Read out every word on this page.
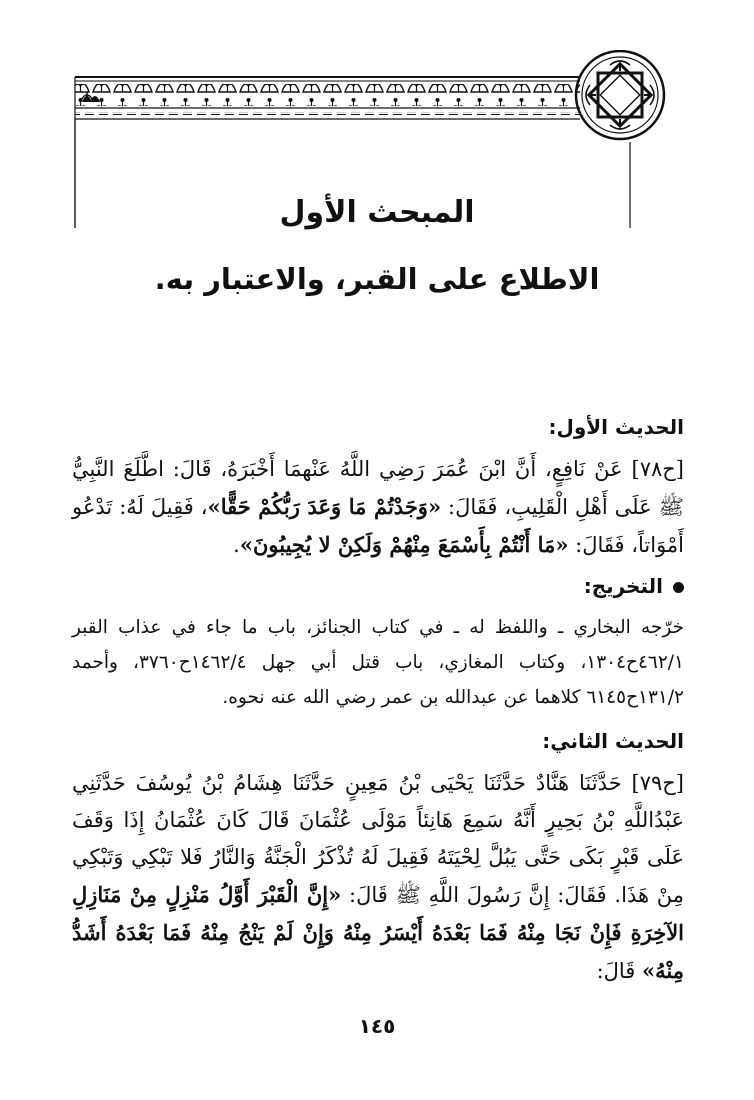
المبحث الأول
الاطلاع على القبر، والاعتبار به.
الحديث الأول:

[ح٧٨] عَنْ نَافِعٍ، أَنَّ ابْنَ عُمَرَ رَضِي اللَّهُ عَنْهمَا أَخْبَرَهُ، قَالَ: اطَّلَعَ النَّبِيُّ ﷺ عَلَى أَهْلِ الْقَلِيبِ، فَقَالَ: «وَجَدْتُمْ مَا وَعَدَ رَبُّكُمْ حَقًّا»، فَقِيلَ لَهُ: تَدْعُو أَمْوَاتاً، فَقَالَ: «مَا أَنْتُمْ بِأَسْمَعَ مِنْهُمْ وَلَكِنْ لا يُجِيبُونَ».

التخريج:

خرّجه البخاري ـ واللفظ له ـ في كتاب الجنائز، باب ما جاء في عذاب القبر ٤٦٢/١ح١٣٠٤، وكتاب المغازي، باب قتل أبي جهل ١٤٦٢/٤ح٣٧٦٠، وأحمد ١٣١/٢ح٦١٤٥ كلاهما عن عبدالله بن عمر رضي الله عنه نحوه.

الحديث الثاني:

[ح٧٩] حَدَّثَنَا هَنَّادٌ حَدَّثَنَا يَحْيَى بْنُ مَعِينٍ حَدَّثَنَا هِشَامُ بْنُ يُوسُفَ حَدَّثَنِي عَبْدُاللَّهِ بْنُ بَحِيرٍ أَنَّهُ سَمِعَ هَانِئاً مَوْلَى عُثْمَانَ قَالَ كَانَ عُثْمَانُ إِذَا وَقَفَ عَلَى قَبْرٍ بَكَى حَتَّى يَبُلَّ لِحْيَتَهُ فَقِيلَ لَهُ تُذْكَرُ الْجَنَّةُ وَالنَّارُ فَلا تَبْكِي وَتَبْكِي مِنْ هَذَا. فَقَالَ: إِنَّ رَسُولَ اللَّهِ ﷺ قَالَ: «إِنَّ الْقَبْرَ أَوَّلُ مَنْزِلٍ مِنْ مَنَازِلِ الآخِرَةِ فَإِنْ نَجَا مِنْهُ فَمَا بَعْدَهُ أَيْسَرُ مِنْهُ وَإِنْ لَمْ يَنْجُ مِنْهُ فَمَا بَعْدَهُ أَشَدُّ مِنْهُ» قَالَ:

١٤٥
